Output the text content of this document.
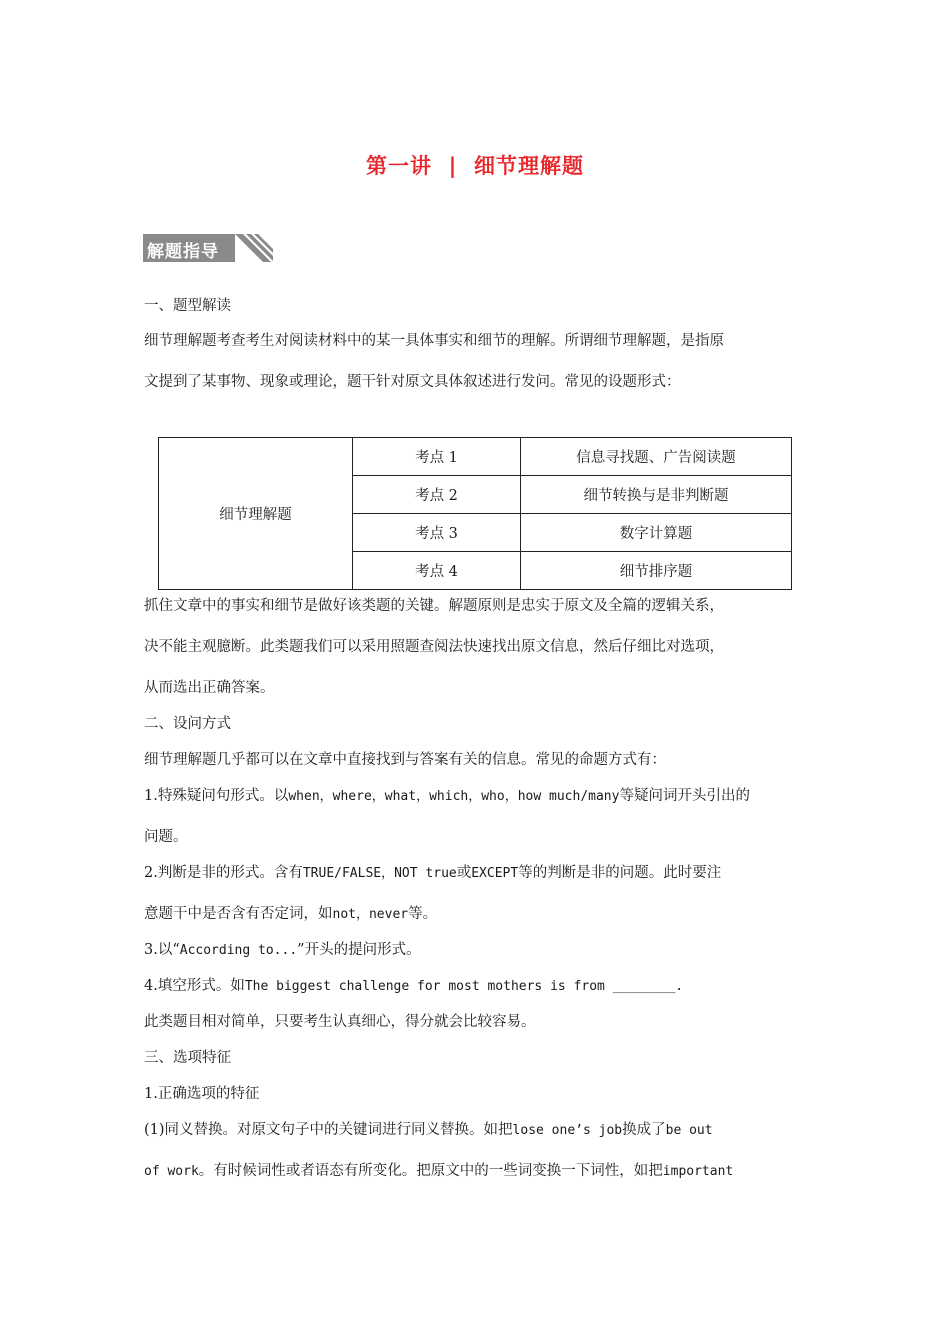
第一讲  |  细节理解题
解题指导
一、题型解读
细节理解题考查考生对阅读材料中的某一具体事实和细节的理解。所谓细节理解题，是指原
文提到了某事物、现象或理论，题干针对原文具体叙述进行发问。常见的设题形式：
细节理解题	考点 1	信息寻找题、广告阅读题
	考点 2	细节转换与是非判断题
	考点 3	数字计算题
	考点 4	细节排序题
抓住文章中的事实和细节是做好该类题的关键。解题原则是忠实于原文及全篇的逻辑关系，
决不能主观臆断。此类题我们可以采用照题查阅法快速找出原文信息，然后仔细比对选项，
从而选出正确答案。
二、设问方式
细节理解题几乎都可以在文章中直接找到与答案有关的信息。常见的命题方式有：
1.特殊疑问句形式。以when，where，what，which，who，how much/many等疑问词开头引出的
问题。
2.判断是非的形式。含有TRUE/FALSE，NOT true或EXCEPT等的判断是非的问题。此时要注
意题干中是否含有否定词，如not，never等。
3.以“According to...”开头的提问形式。
4.填空形式。如The biggest challenge for most mothers is from ________.
此类题目相对简单，只要考生认真细心，得分就会比较容易。
三、选项特征
1.正确选项的特征
(1)同义替换。对原文句子中的关键词进行同义替换。如把lose one’s job换成了be out
of work。有时候词性或者语态有所变化。把原文中的一些词变换一下词性，如把important
